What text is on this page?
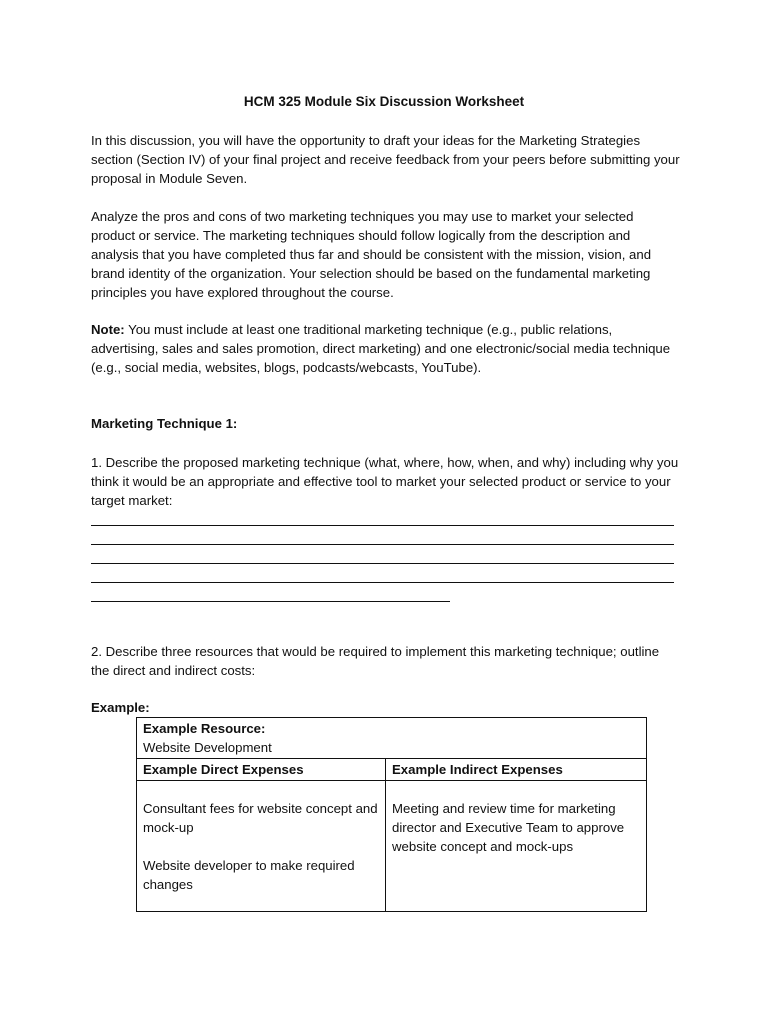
HCM 325 Module Six Discussion Worksheet

In this discussion, you will have the opportunity to draft your ideas for the Marketing Strategies section (Section IV) of your final project and receive feedback from your peers before submitting your proposal in Module Seven.

Analyze the pros and cons of two marketing techniques you may use to market your selected product or service. The marketing techniques should follow logically from the description and analysis that you have completed thus far and should be consistent with the mission, vision, and brand identity of the organization. Your selection should be based on the fundamental marketing principles you have explored throughout the course.

Note: You must include at least one traditional marketing technique (e.g., public relations, advertising, sales and sales promotion, direct marketing) and one electronic/social media technique (e.g., social media, websites, blogs, podcasts/webcasts, YouTube).

Marketing Technique 1:

1. Describe the proposed marketing technique (what, where, how, when, and why) including why you think it would be an appropriate and effective tool to market your selected product or service to your target market:

2. Describe three resources that would be required to implement this marketing technique; outline the direct and indirect costs:

Example:
Example Resource:
Website Development	

Example Direct Expenses	Example Indirect Expenses

Consultant fees for website concept and mock-up

Website developer to make required changes	Meeting and review time for marketing director and Executive Team to approve website concept and mock-ups
